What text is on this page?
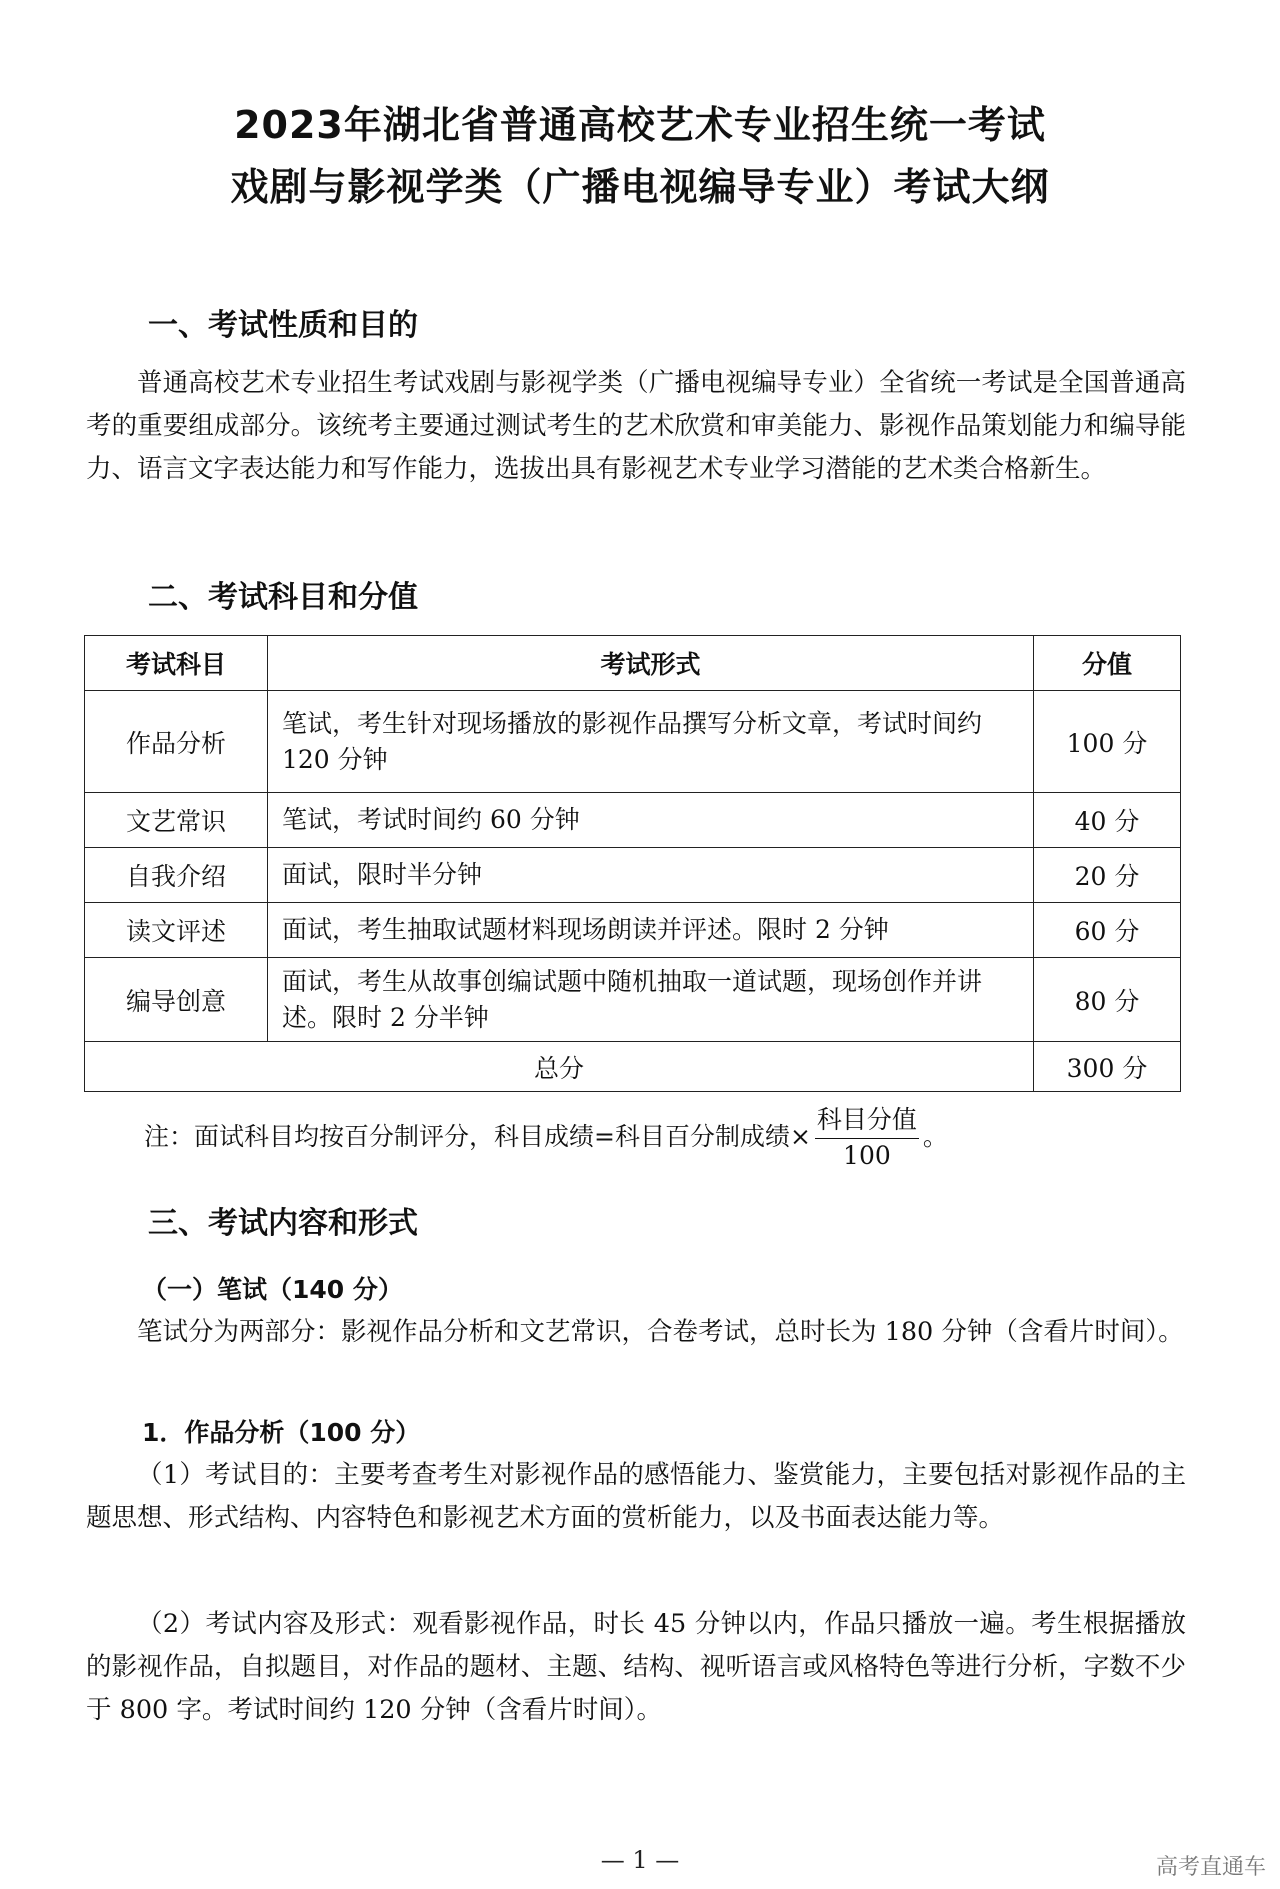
2023年湖北省普通高校艺术专业招生统一考试
戏剧与影视学类（广播电视编导专业）考试大纲
一、考试性质和目的

普通高校艺术专业招生考试戏剧与影视学类（广播电视编导专业）全省统一考试是全国普通高考的重要组成部分。该统考主要通过测试考生的艺术欣赏和审美能力、影视作品策划能力和编导能力、语言文字表达能力和写作能力，选拔出具有影视艺术专业学习潜能的艺术类合格新生。

二、考试科目和分值
考试科目	考试形式	分值
作品分析	笔试，考生针对现场播放的影视作品撰写分析文章，考试时间约 120 分钟	100 分
文艺常识	笔试，考试时间约 60 分钟	40 分
自我介绍	面试，限时半分钟	20 分
读文评述	面试，考生抽取试题材料现场朗读并评述。限时 2 分钟	60 分
编导创意	面试，考生从故事创编试题中随机抽取一道试题，现场创作并讲述。限时 2 分半钟	80 分
总分		300 分
注：面试科目均按百分制评分，科目成绩=科目百分制成绩× $\frac{\text{科目分值}}{100}$ 。
三、考试内容和形式
（一）笔试（140 分）

笔试分为两部分：影视作品分析和文艺常识，合卷考试，总时长为 180 分钟（含看片时间）。

1．作品分析（100 分）

（1）考试目的：主要考查考生对影视作品的感悟能力、鉴赏能力，主要包括对影视作品的主题思想、形式结构、内容特色和影视艺术方面的赏析能力，以及书面表达能力等。

（2）考试内容及形式：观看影视作品，时长 45 分钟以内，作品只播放一遍。考生根据播放的影视作品，自拟题目，对作品的题材、主题、结构、视听语言或风格特色等进行分析，字数不少于 800 字。考试时间约 120 分钟（含看片时间）。

— 1 —	高考直通车
